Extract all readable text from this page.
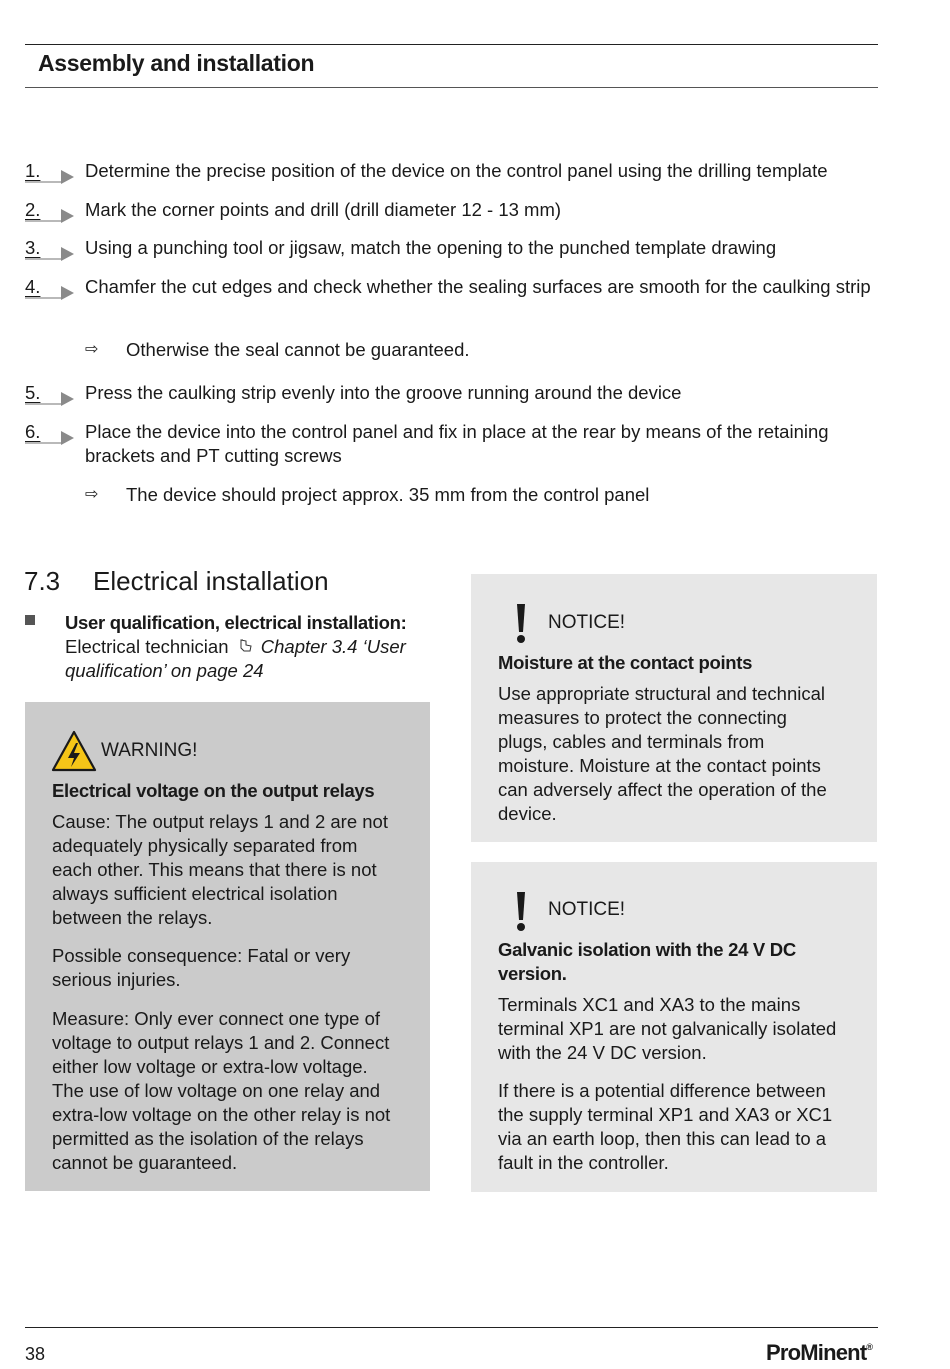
Assembly and installation
1. Determine the precise position of the device on the control panel using the drilling template
2. Mark the corner points and drill (drill diameter 12 - 13 mm)
3. Using a punching tool or jigsaw, match the opening to the punched template drawing
4. Chamfer the cut edges and check whether the sealing surfaces are smooth for the caulking strip
⇨ Otherwise the seal cannot be guaranteed.
5. Press the caulking strip evenly into the groove running around the device
6. Place the device into the control panel and fix in place at the rear by means of the retaining brackets and PT cutting screws
⇨ The device should project approx. 35 mm from the control panel
7.3 Electrical installation
User qualification, electrical installation:
Electrical technician Chapter 3.4 ‘User qualification’ on page 24
WARNING!
Electrical voltage on the output relays
Cause: The output relays 1 and 2 are not adequately physically separated from each other. This means that there is not always sufficient electrical isolation between the relays.
Possible consequence: Fatal or very serious injuries.
Measure: Only ever connect one type of voltage to output relays 1 and 2. Connect either low voltage or extra-low voltage. The use of low voltage on one relay and extra-low voltage on the other relay is not permitted as the isolation of the relays cannot be guaranteed.
NOTICE!
Moisture at the contact points
Use appropriate structural and technical measures to protect the connecting plugs, cables and terminals from moisture. Moisture at the contact points can adversely affect the operation of the device.
NOTICE!
Galvanic isolation with the 24 V DC version.
Terminals XC1 and XA3 to the mains terminal XP1 are not galvanically isolated with the 24 V DC version.
If there is a potential difference between the supply terminal XP1 and XA3 or XC1 via an earth loop, then this can lead to a fault in the controller.
38	ProMinent®
